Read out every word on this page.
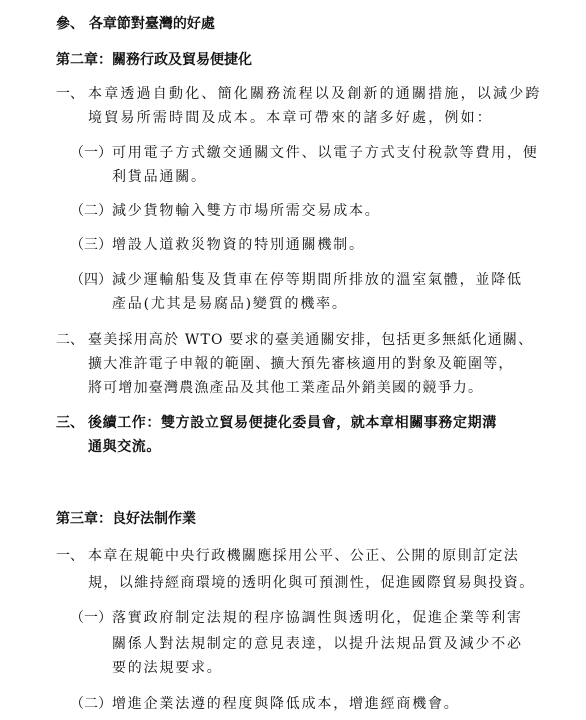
參、 各章節對臺灣的好處
第二章：關務行政及貿易便捷化
一、 本章透過自動化、簡化關務流程以及創新的通關措施，以減少跨
境貿易所需時間及成本。本章可帶來的諸多好處，例如：
（一） 可用電子方式繳交通關文件、以電子方式支付稅款等費用，便
利貨品通關。
（二） 減少貨物輸入雙方市場所需交易成本。
（三） 增設人道救災物資的特別通關機制。
（四） 減少運輸船隻及貨車在停等期間所排放的溫室氣體，並降低
產品(尤其是易腐品)變質的機率。
二、 臺美採用高於 WTO 要求的臺美通關安排，包括更多無紙化通關、
擴大准許電子申報的範圍、擴大預先審核適用的對象及範圍等，
將可增加臺灣農漁產品及其他工業產品外銷美國的競爭力。
三、 後續工作：雙方設立貿易便捷化委員會，就本章相關事務定期溝
通與交流。
第三章：良好法制作業
一、 本章在規範中央行政機關應採用公平、公正、公開的原則訂定法
規，以維持經商環境的透明化與可預測性，促進國際貿易與投資。
（一） 落實政府制定法規的程序協調性與透明化，促進企業等利害
關係人對法規制定的意見表達，以提升法規品質及減少不必
要的法規要求。
（二） 增進企業法遵的程度與降低成本，增進經商機會。
